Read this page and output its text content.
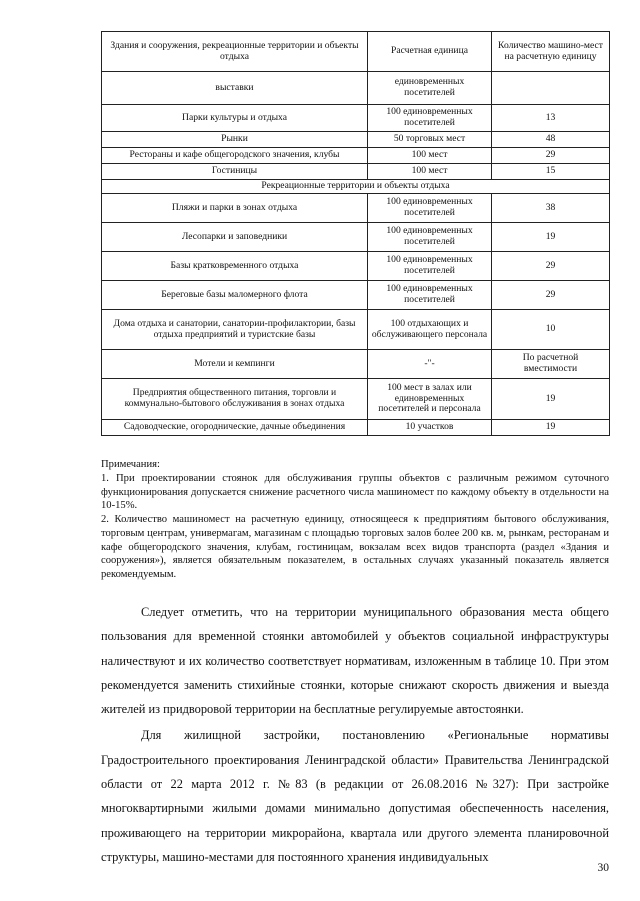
Здания и сооружения, рекреационные территории и объекты отдыха	Расчетная единица	Количество машино-мест на расчетную единицу
выставки	единовременных посетителей	
Парки культуры и отдыха	100 единовременных посетителей	13
Рынки	50 торговых мест	48
Рестораны и кафе общегородского значения, клубы	100 мест	29
Гостиницы	100 мест	15
Рекреационные территории и объекты отдыха		
Пляжи и парки в зонах отдыха	100 единовременных посетителей	38
Лесопарки и заповедники	100 единовременных посетителей	19
Базы кратковременного отдыха	100 единовременных посетителей	29
Береговые базы маломерного флота	100 единовременных посетителей	29
Дома отдыха и санатории, санатории-профилактории, базы отдыха предприятий и туристские базы	100 отдыхающих и обслуживающего персонала	10
Мотели и кемпинги	-"-	По расчетной вместимости
Предприятия общественного питания, торговли и коммунально-бытового обслуживания в зонах отдыха	100 мест в залах или единовременных посетителей и персонала	19
Садоводческие, огороднические, дачные объединения	10 участков	19

Примечания:

1. При проектировании стоянок для обслуживания группы объектов с различным режимом суточного функционирования допускается снижение расчетного числа машиномест по каждому объекту в отдельности на 10-15%.

2. Количество машиномест на расчетную единицу, относящееся к предприятиям бытового обслуживания, торговым центрам, универмагам, магазинам с площадью торговых залов более 200 кв. м, рынкам, ресторанам и кафе общегородского значения, клубам, гостиницам, вокзалам всех видов транспорта (раздел «Здания и сооружения»), является обязательным показателем, в остальных случаях указанный показатель является рекомендуемым.

Следует отметить, что на территории муниципального образования места общего пользования для временной стоянки автомобилей у объектов социальной инфраструктуры наличествуют и их количество соответствует нормативам, изложенным в таблице 10. При этом рекомендуется заменить стихийные стоянки, которые снижают скорость движения и выезда жителей из придворовой территории на бесплатные регулируемые автостоянки.

Для жилищной застройки, постановлению «Региональные нормативы Градостроительного проектирования Ленинградской области» Правительства Ленинградской области от 22 марта 2012 г. №83 (в редакции от 26.08.2016 №327): При застройке многоквартирными жилыми домами минимально допустимая обеспеченность населения, проживающего на территории микрорайона, квартала или другого элемента планировочной структуры, машино-местами для постоянного хранения индивидуальных

30
